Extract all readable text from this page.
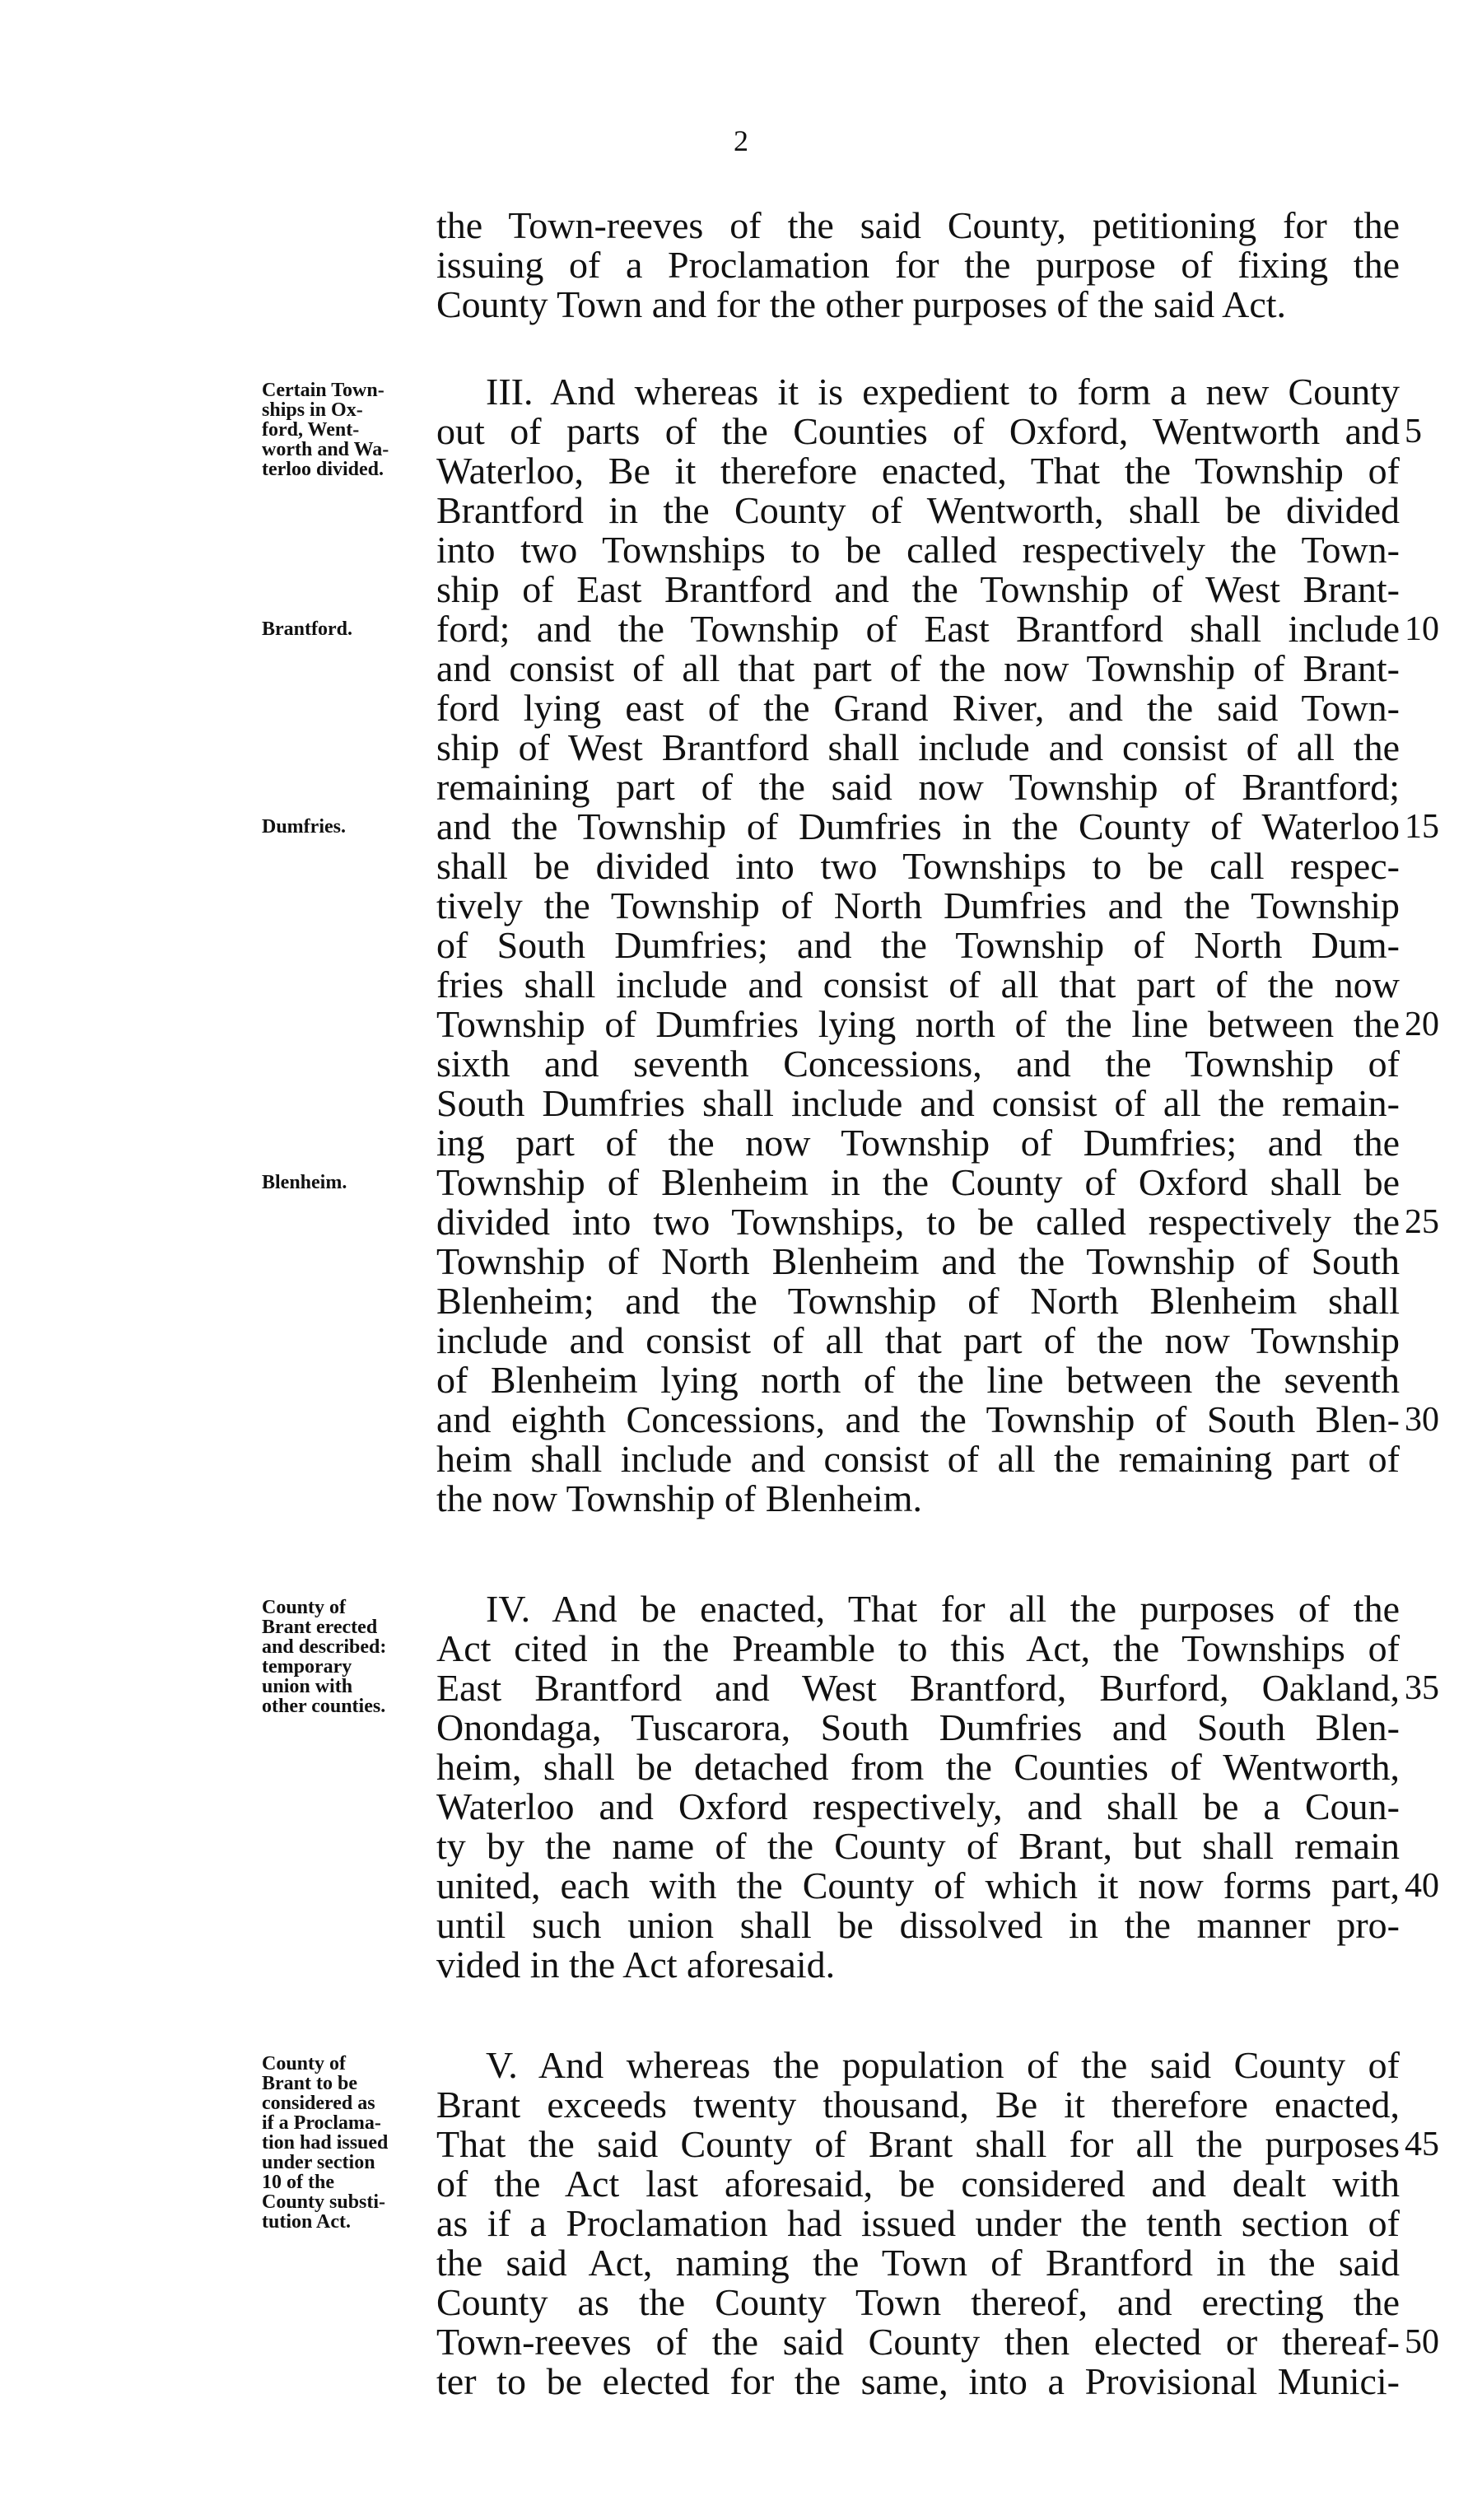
2
the Town-reeves of the said County, petitioning for the
issuing of a Proclamation for the purpose of fixing the
County Town and for the other purposes of the said Act.
III. And whereas it is expedient to form a new County
out of parts of the Counties of Oxford, Wentworth and
Waterloo, Be it therefore enacted, That the Township of
Brantford in the County of Wentworth, shall be divided
into two Townships to be called respectively the Town-
ship of East Brantford and the Township of West Brant-
ford; and the Township of East Brantford shall include
and consist of all that part of the now Township of Brant-
ford lying east of the Grand River, and the said Town-
ship of West Brantford shall include and consist of all the
remaining part of the said now Township of Brantford;
and the Township of Dumfries in the County of Waterloo
shall be divided into two Townships to be call respec-
tively the Township of North Dumfries and the Township
of South Dumfries; and the Township of North Dum-
fries shall include and consist of all that part of the now
Township of Dumfries lying north of the line between the
sixth and seventh Concessions, and the Township of
South Dumfries shall include and consist of all the remain-
ing part of the now Township of Dumfries; and the
Township of Blenheim in the County of Oxford shall be
divided into two Townships, to be called respectively the
Township of North Blenheim and the Township of South
Blenheim; and the Township of North Blenheim shall
include and consist of all that part of the now Township
of Blenheim lying north of the line between the seventh
and eighth Concessions, and the Township of South Blen-
heim shall include and consist of all the remaining part of
the now Township of Blenheim.
5
10
15
20
25
30
Certain Town-
ships in Ox-
ford, Went-
worth and Wa-
terloo divided.
Brantford.
Dumfries.
Blenheim.
IV. And be enacted, That for all the purposes of the
Act cited in the Preamble to this Act, the Townships of
East Brantford and West Brantford, Burford, Oakland,
Onondaga, Tuscarora, South Dumfries and South Blen-
heim, shall be detached from the Counties of Wentworth,
Waterloo and Oxford respectively, and shall be a Coun-
ty by the name of the County of Brant, but shall remain
united, each with the County of which it now forms part,
until such union shall be dissolved in the manner pro-
vided in the Act aforesaid.
35
40
County of
Brant erected
and described:
temporary
union with
other counties.
V. And whereas the population of the said County of
Brant exceeds twenty thousand, Be it therefore enacted,
That the said County of Brant shall for all the purposes
of the Act last aforesaid, be considered and dealt with
as if a Proclamation had issued under the tenth section of
the said Act, naming the Town of Brantford in the said
County as the County Town thereof, and erecting the
Town-reeves of the said County then elected or thereaf-
ter to be elected for the same, into a Provisional Munici-
45
50
County of
Brant to be
considered as
if a Proclama-
tion had issued
under section
10 of the
County substi-
tution Act.
